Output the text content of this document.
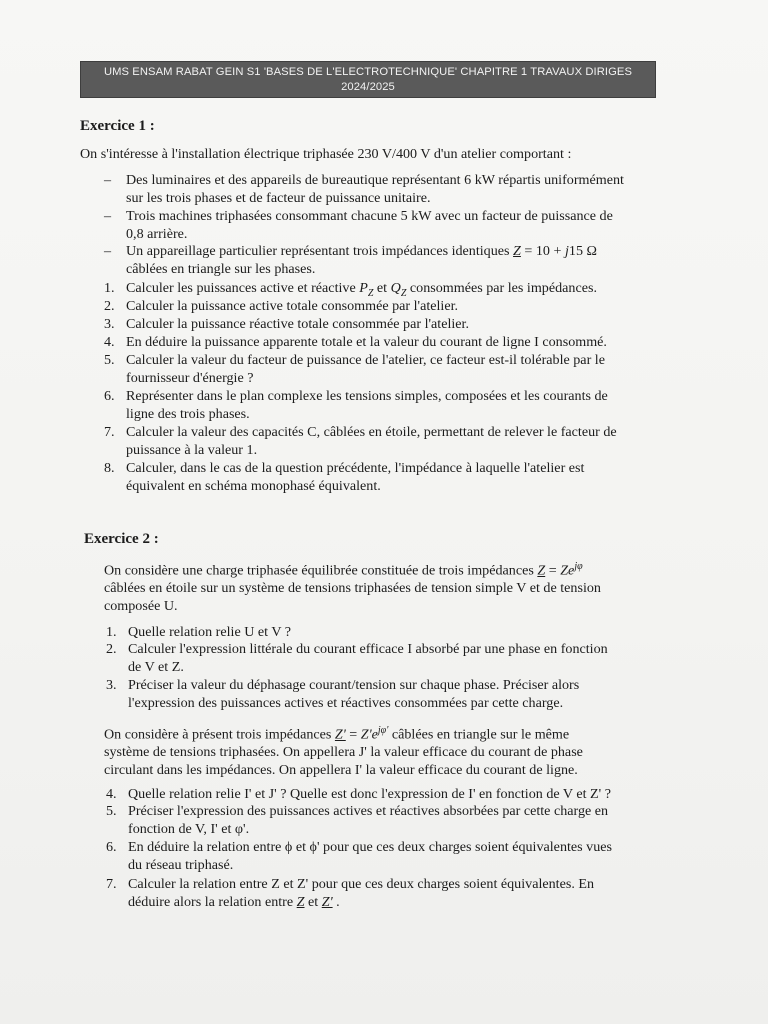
UMS ENSAM RABAT GEIN S1 'BASES DE L'ELECTROTECHNIQUE' CHAPITRE 1 TRAVAUX DIRIGES
2024/2025
Exercice 1 :
On s'intéresse à l'installation électrique triphasée 230 V/400 V d'un atelier comportant :
– Des luminaires et des appareils de bureautique représentant 6 kW répartis uniformément
sur les trois phases et de facteur de puissance unitaire.
– Trois machines triphasées consommant chacune 5 kW avec un facteur de puissance de
0,8 arrière.
– Un appareillage particulier représentant trois impédances identiques Z = 10 + j15 Ω
câblées en triangle sur les phases.
1. Calculer les puissances active et réactive $P_Z$ et $Q_Z$ consommées par les impédances.
2. Calculer la puissance active totale consommée par l'atelier.
3. Calculer la puissance réactive totale consommée par l'atelier.
4. En déduire la puissance apparente totale et la valeur du courant de ligne I consommé.
5. Calculer la valeur du facteur de puissance de l'atelier, ce facteur est-il tolérable par le
fournisseur d'énergie ?
6. Représenter dans le plan complexe les tensions simples, composées et les courants de
ligne des trois phases.
7. Calculer la valeur des capacités C, câblées en étoile, permettant de relever le facteur de
puissance à la valeur 1.
8. Calculer, dans le cas de la question précédente, l'impédance à laquelle l'atelier est
équivalent en schéma monophasé équivalent.
Exercice 2 :
On considère une charge triphasée équilibrée constituée de trois impédances $Z = Ze^{j\varphi}$
câblées en étoile sur un système de tensions triphasées de tension simple V et de tension
composée U.
1. Quelle relation relie U et V ?
2. Calculer l'expression littérale du courant efficace I absorbé par une phase en fonction
de V et Z.
3. Préciser la valeur du déphasage courant/tension sur chaque phase. Préciser alors
l'expression des puissances actives et réactives consommées par cette charge.
On considère à présent trois impédances $Z' = Z'e^{j\varphi'}$ câblées en triangle sur le même
système de tensions triphasées. On appellera J' la valeur efficace du courant de phase
circulant dans les impédances. On appellera I' la valeur efficace du courant de ligne.
4. Quelle relation relie I' et J' ? Quelle est donc l'expression de I' en fonction de V et Z' ?
5. Préciser l'expression des puissances actives et réactives absorbées par cette charge en
fonction de V, I' et φ'.
6. En déduire la relation entre ϕ et ϕ' pour que ces deux charges soient équivalentes vues
du réseau triphasé.
7. Calculer la relation entre Z et Z' pour que ces deux charges soient équivalentes. En
déduire alors la relation entre Z et Z' .
